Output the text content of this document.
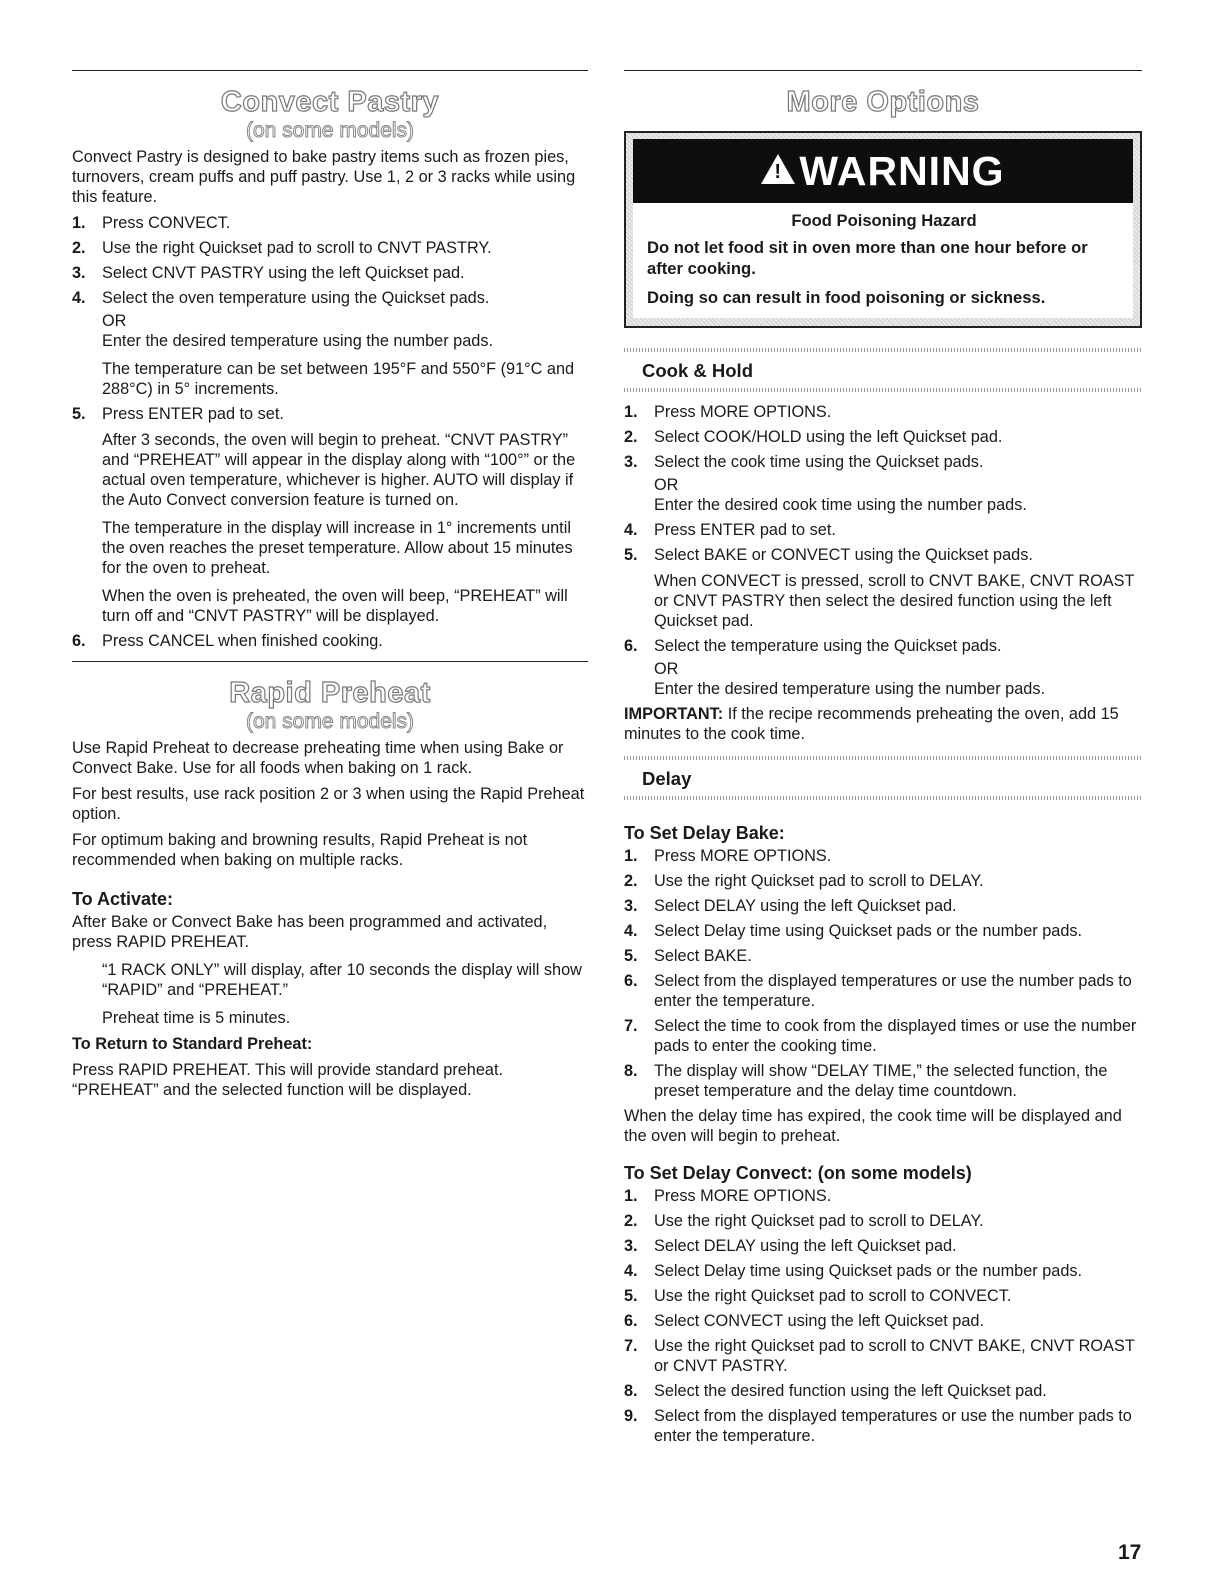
Convect Pastry
(on some models)

Convect Pastry is designed to bake pastry items such as frozen pies, turnovers, cream puffs and puff pastry. Use 1, 2 or 3 racks while using this feature.

1. Press CONVECT.
2. Use the right Quickset pad to scroll to CNVT PASTRY.
3. Select CNVT PASTRY using the left Quickset pad.
4. Select the oven temperature using the Quickset pads.

OR

Enter the desired temperature using the number pads.

The temperature can be set between 195°F and 550°F (91°C and 288°C) in 5° increments.

5. Press ENTER pad to set.

After 3 seconds, the oven will begin to preheat. “CNVT PASTRY” and “PREHEAT” will appear in the display along with “100°” or the actual oven temperature, whichever is higher. AUTO will display if the Auto Convect conversion feature is turned on.

The temperature in the display will increase in 1° increments until the oven reaches the preset temperature. Allow about 15 minutes for the oven to preheat.

When the oven is preheated, the oven will beep, “PREHEAT” will turn off and “CNVT PASTRY” will be displayed.

6. Press CANCEL when finished cooking.
Rapid Preheat
(on some models)

Use Rapid Preheat to decrease preheating time when using Bake or Convect Bake. Use for all foods when baking on 1 rack.

For best results, use rack position 2 or 3 when using the Rapid Preheat option.

For optimum baking and browning results, Rapid Preheat is not recommended when baking on multiple racks.

To Activate:

After Bake or Convect Bake has been programmed and activated, press RAPID PREHEAT.

“1 RACK ONLY” will display, after 10 seconds the display will show “RAPID” and “PREHEAT.”

Preheat time is 5 minutes.

To Return to Standard Preheat:

Press RAPID PREHEAT. This will provide standard preheat. “PREHEAT” and the selected function will be displayed.

More Options
!
WARNING
Food Poisoning Hazard
Do not let food sit in oven more than one hour before or after cooking.
Doing so can result in food poisoning or sickness.
Cook & Hold
1. Press MORE OPTIONS.
2. Select COOK/HOLD using the left Quickset pad.
3. Select the cook time using the Quickset pads.

OR

Enter the desired cook time using the number pads.

4. Press ENTER pad to set.
5. Select BAKE or CONVECT using the Quickset pads.

When CONVECT is pressed, scroll to CNVT BAKE, CNVT ROAST or CNVT PASTRY then select the desired function using the left Quickset pad.

6. Select the temperature using the Quickset pads.

OR

Enter the desired temperature using the number pads.

IMPORTANT: If the recipe recommends preheating the oven, add 15 minutes to the cook time.

Delay
To Set Delay Bake:
1. Press MORE OPTIONS.
2. Use the right Quickset pad to scroll to DELAY.
3. Select DELAY using the left Quickset pad.
4. Select Delay time using Quickset pads or the number pads.
5. Select BAKE.
6. Select from the displayed temperatures or use the number pads to enter the temperature.
7. Select the time to cook from the displayed times or use the number pads to enter the cooking time.
8. The display will show “DELAY TIME,” the selected function, the preset temperature and the delay time countdown.

When the delay time has expired, the cook time will be displayed and the oven will begin to preheat.

To Set Delay Convect: (on some models)
1. Press MORE OPTIONS.
2. Use the right Quickset pad to scroll to DELAY.
3. Select DELAY using the left Quickset pad.
4. Select Delay time using Quickset pads or the number pads.
5. Use the right Quickset pad to scroll to CONVECT.
6. Select CONVECT using the left Quickset pad.
7. Use the right Quickset pad to scroll to CNVT BAKE, CNVT ROAST or CNVT PASTRY.
8. Select the desired function using the left Quickset pad.
9. Select from the displayed temperatures or use the number pads to enter the temperature.
17
